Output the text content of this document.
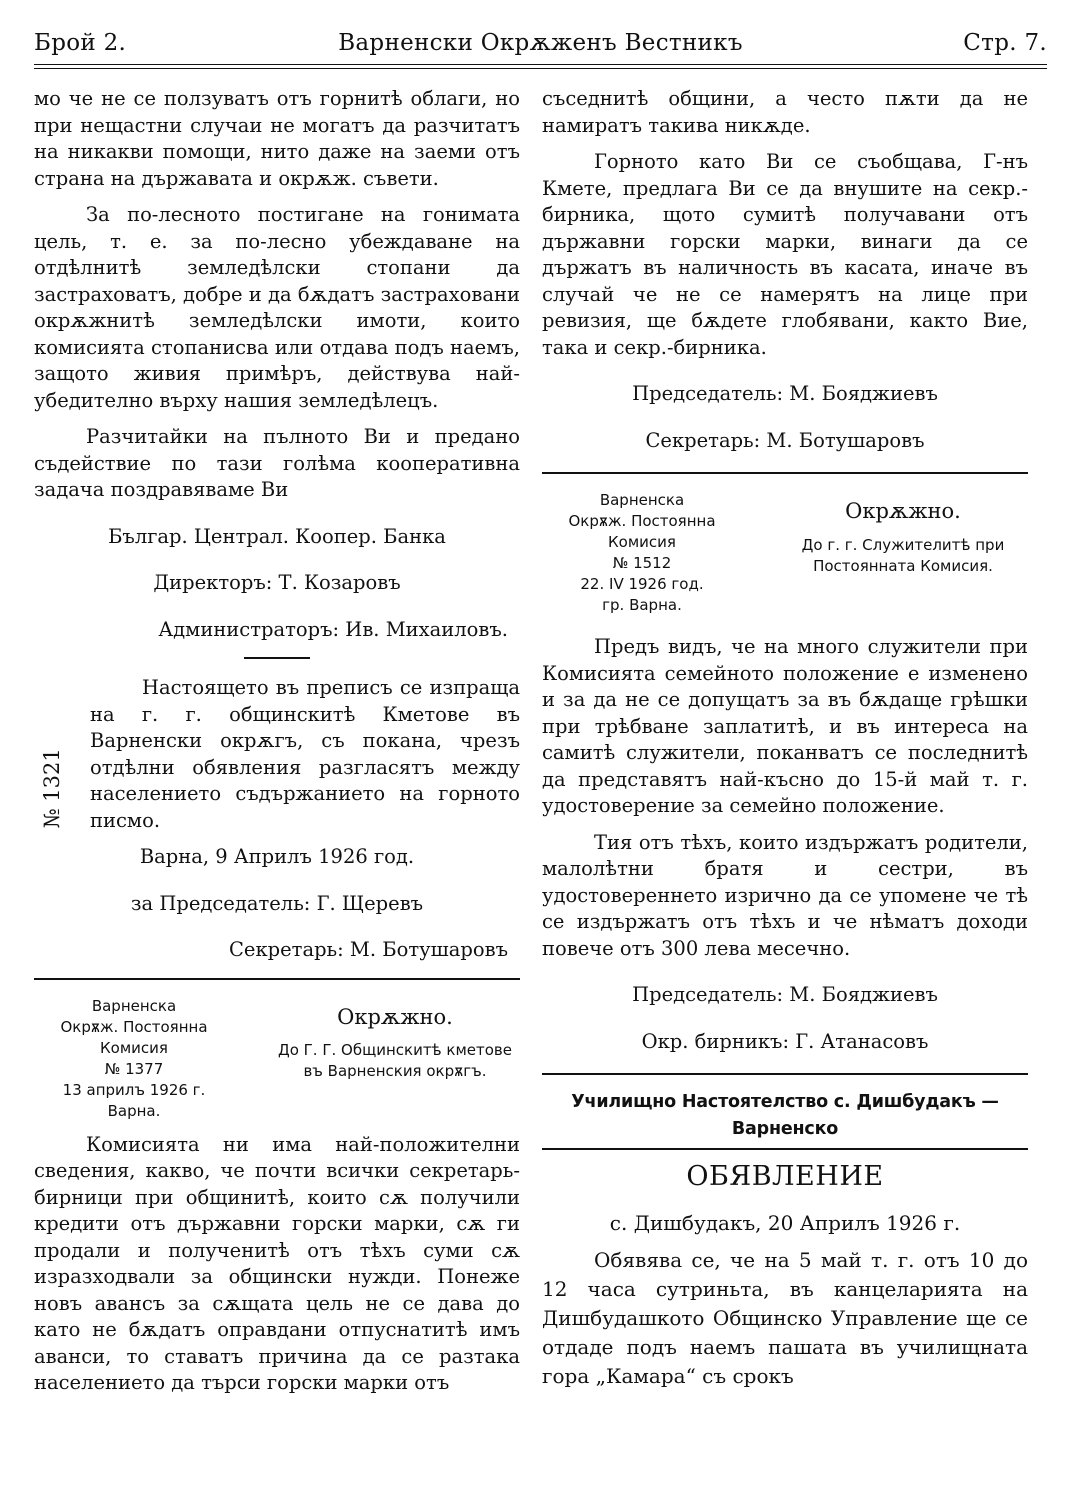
Брой 2.	Варненски Окрѫженъ Вестникъ	Стр. 7.

мо че не се ползуватъ отъ горнитѣ облаги, но при нещастни случаи не могатъ да разчитатъ на никакви помощи, нито даже на заеми отъ страна на държавата и окрѫж. съвети.

За по-лесното постигане на гонимата цель, т. е. за по-лесно убеждаване на отдѣлнитѣ земледѣлски стопани да застраховатъ, добре и да бѫдатъ застраховани окрѫжнитѣ земледѣлски имоти, които комисията стопанисва или отдава подъ наемъ, защото живия примѣръ, действува най-убедително върху нашия земледѣлецъ.

Разчитайки на пълното Ви и предано съдействие по тази голѣма кооперативна задача поздравяваме Ви

Българ. Централ. Коопер. Банка

Директоръ: Т. Козаровъ

Администраторъ: Ив. Михаиловъ.

№ 1321

Настоящето въ преписъ се изпраща на г. г. общинскитѣ Кметове въ Варненски окрѫгъ, съ покана, чрезъ отдѣлни обявления разгласятъ между населението съдържанието на горното писмо.

Варна, 9 Априлъ 1926 год.

за Председатель: Г. Щеревъ

Секретарь: М. Ботушаровъ

Варненска
Окрѫж. Постоянна
Комисия
№ 1377
13 априлъ 1926 г.
Варна.
Окрѫжно.
До Г. Г. Общинскитѣ кметове въ Варненския окрѫгъ.

Комисията ни има най-положителни сведения, какво, че почти всички секретарь-бирници при общинитѣ, които сѫ получили кредити отъ държавни горски марки, сѫ ги продали и полученитѣ отъ тѣхъ суми сѫ изразходвали за общински нужди. Понеже новъ авансъ за сѫщата цель не се дава до като не бѫдатъ оправдани отпуснатитѣ имъ аванси, то ставатъ причина да се разтака населението да търси горски марки отъ

съседнитѣ общини, а често пѫти да не намиратъ такива никѫде.

Горното като Ви се съобщава, Г-нъ Кмете, предлага Ви се да внушите на секр.-бирника, щото сумитѣ получавани отъ държавни горски марки, винаги да се държатъ въ наличность въ касата, иначе въ случай че не се намерятъ на лице при ревизия, ще бѫдете глобявани, както Вие, така и секр.-бирника.

Председатель: М. Бояджиевъ

Секретарь: М. Ботушаровъ

Варненска
Окрѫж. Постоянна
Комисия
№ 1512
22. IV 1926 год.
гр. Варна.
Окрѫжно.
До г. г. Служителитѣ при Постоянната Комисия.

Предъ видъ, че на много служители при Комисията семейното положение е изменено и за да не се допущатъ за въ бѫдаще грѣшки при трѣбване заплатитѣ, и въ интереса на самитѣ служители, поканватъ се последнитѣ да представятъ най-късно до 15-й май т. г. удостоверение за семейно положение.

Тия отъ тѣхъ, които издържатъ родители, малолѣтни братя и сестри, въ удостовереннето изрично да се упомене че тѣ се издържатъ отъ тѣхъ и че нѣматъ доходи повече отъ 300 лева месечно.

Председатель: М. Бояджиевъ

Окр. бирникъ: Г. Атанасовъ

Училищно Настоятелство с. Дишбудакъ — Варненско
ОБЯВЛЕНИЕ

с. Дишбудакъ, 20 Априлъ 1926 г.

Обявява се, че на 5 май т. г. отъ 10 до 12 часа сутриньта, въ канцеларията на Дишбудашкото Общинско Управление ще се отдаде подъ наемъ пашата въ училищната гора „Камара“ съ срокъ
